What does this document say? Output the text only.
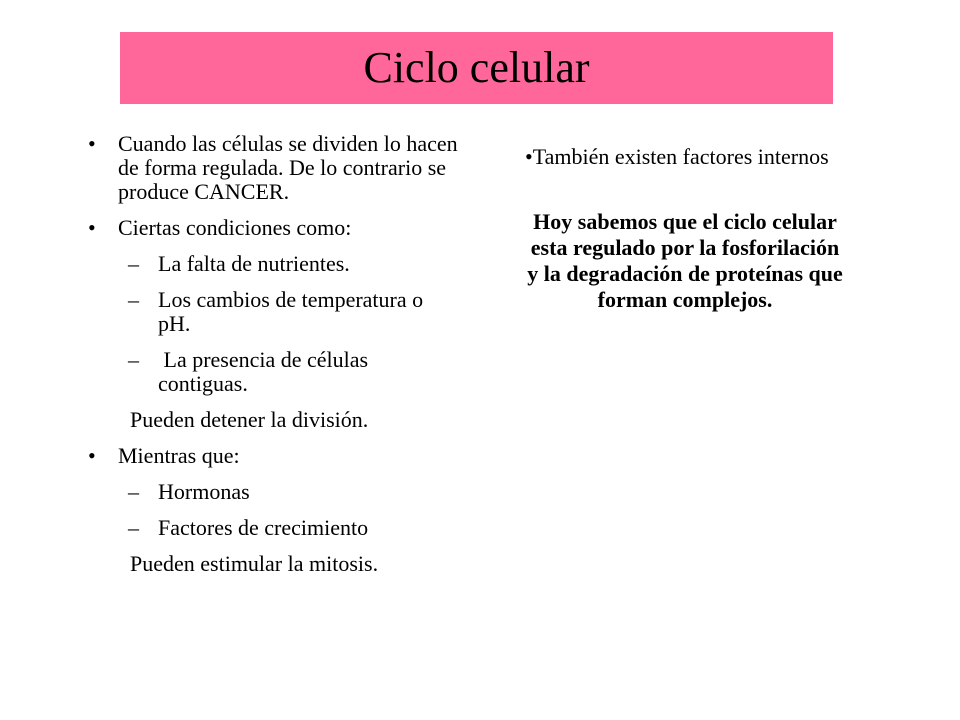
Ciclo celular
• Cuando las células se dividen lo hacen de forma regulada. De lo contrario se produce CANCER.
• Ciertas condiciones como:
– La falta de nutrientes.
– Los cambios de temperatura o pH.
– La presencia de células contiguas.
Pueden detener la división.
• Mientras que:
– Hormonas
– Factores de crecimiento
Pueden estimular la mitosis.
•También existen factores internos
Hoy sabemos que el ciclo celular esta regulado por la fosforilación y la degradación de proteínas que forman complejos.
